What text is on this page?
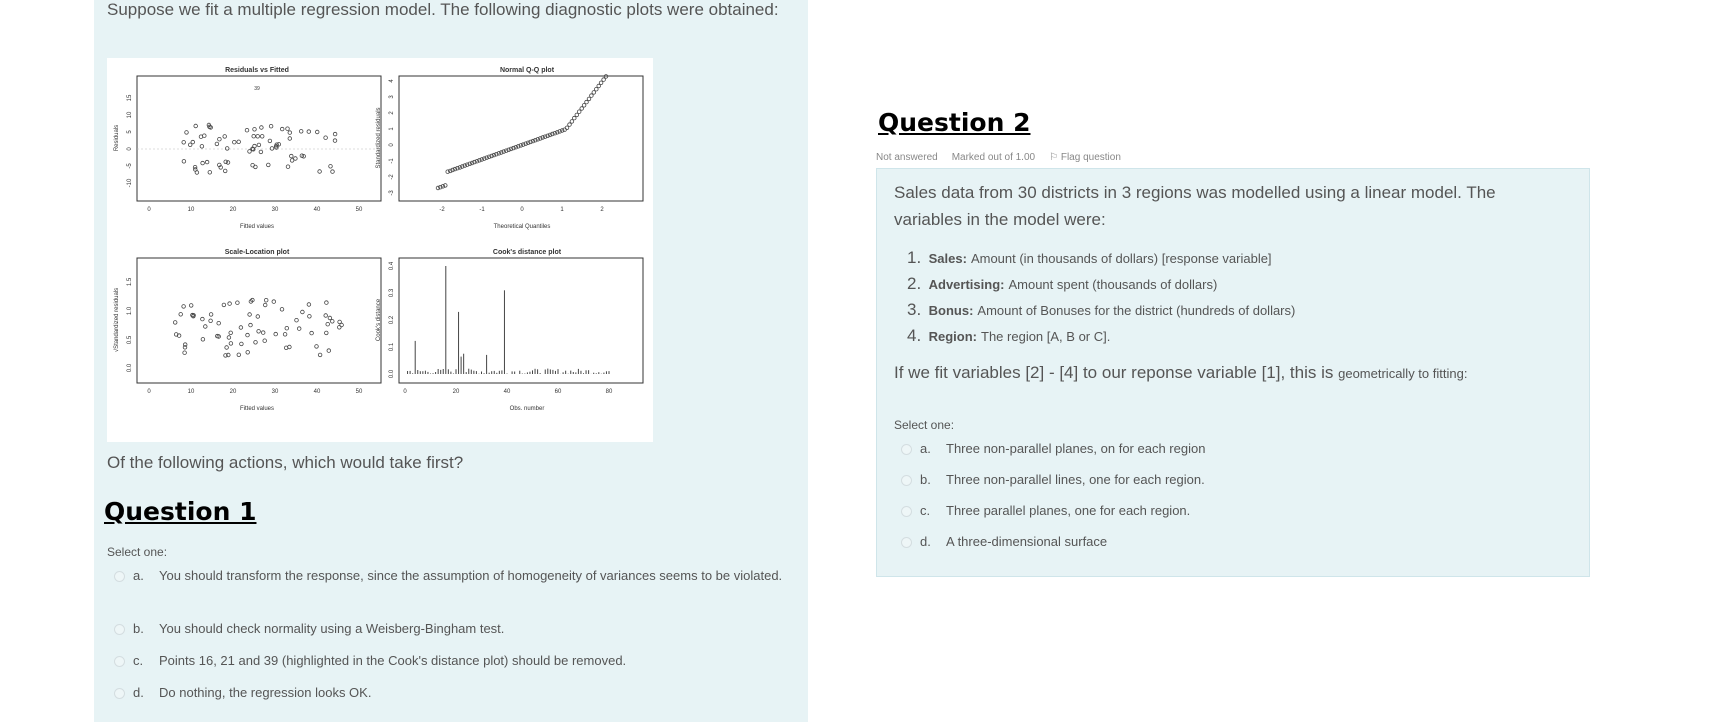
Suppose we fit a multiple regression model. The following diagnostic plots were obtained:
Residuals vs Fitted
0	10	20	30	40	50
Fitted values
-10
-5
0
5
10
15
Residuals
39
Normal Q-Q plot
-2	-1	0	1	2
Theoretical Quantiles
-3
-2
-1
0
1
2
3
4
Standardized residuals
Scale-Location plot
0	10	20	30	40	50
Fitted values
0.0
0.5
1.0
1.5
√Standardized residuals
Cook's distance plot
0	20	40	60	80
Obs. number
0.0
0.1
0.2
0.3
0.4
Cook's distance
Of the following actions, which would take first?
Question 1
Select one:
a.	You should transform the response, since the assumption of homogeneity of variances seems to be violated.
b.	You should check normality using a Weisberg-Bingham test.
c.	Points 16, 21 and 39 (highlighted in the Cook's distance plot) should be removed.
d.	Do nothing, the regression looks OK.
Question 2
Not answered Marked out of 1.00 ⚐ Flag question
Sales data from 30 districts in 3 regions was modelled using a linear model. The variables in the model were:
1.
Sales: Amount (in thousands of dollars) [response variable]
2.
Advertising: Amount spent (thousands of dollars)
3.
Bonus: Amount of Bonuses for the district (hundreds of dollars)
4.
Region: The region [A, B or C].
If we fit variables [2] - [4] to our reponse variable [1], this is geometrically to fitting:
Select one:
a.	Three non-parallel planes, on for each region
b.	Three non-parallel lines, one for each region.
c.	Three parallel planes, one for each region.
d.	A three-dimensional surface
